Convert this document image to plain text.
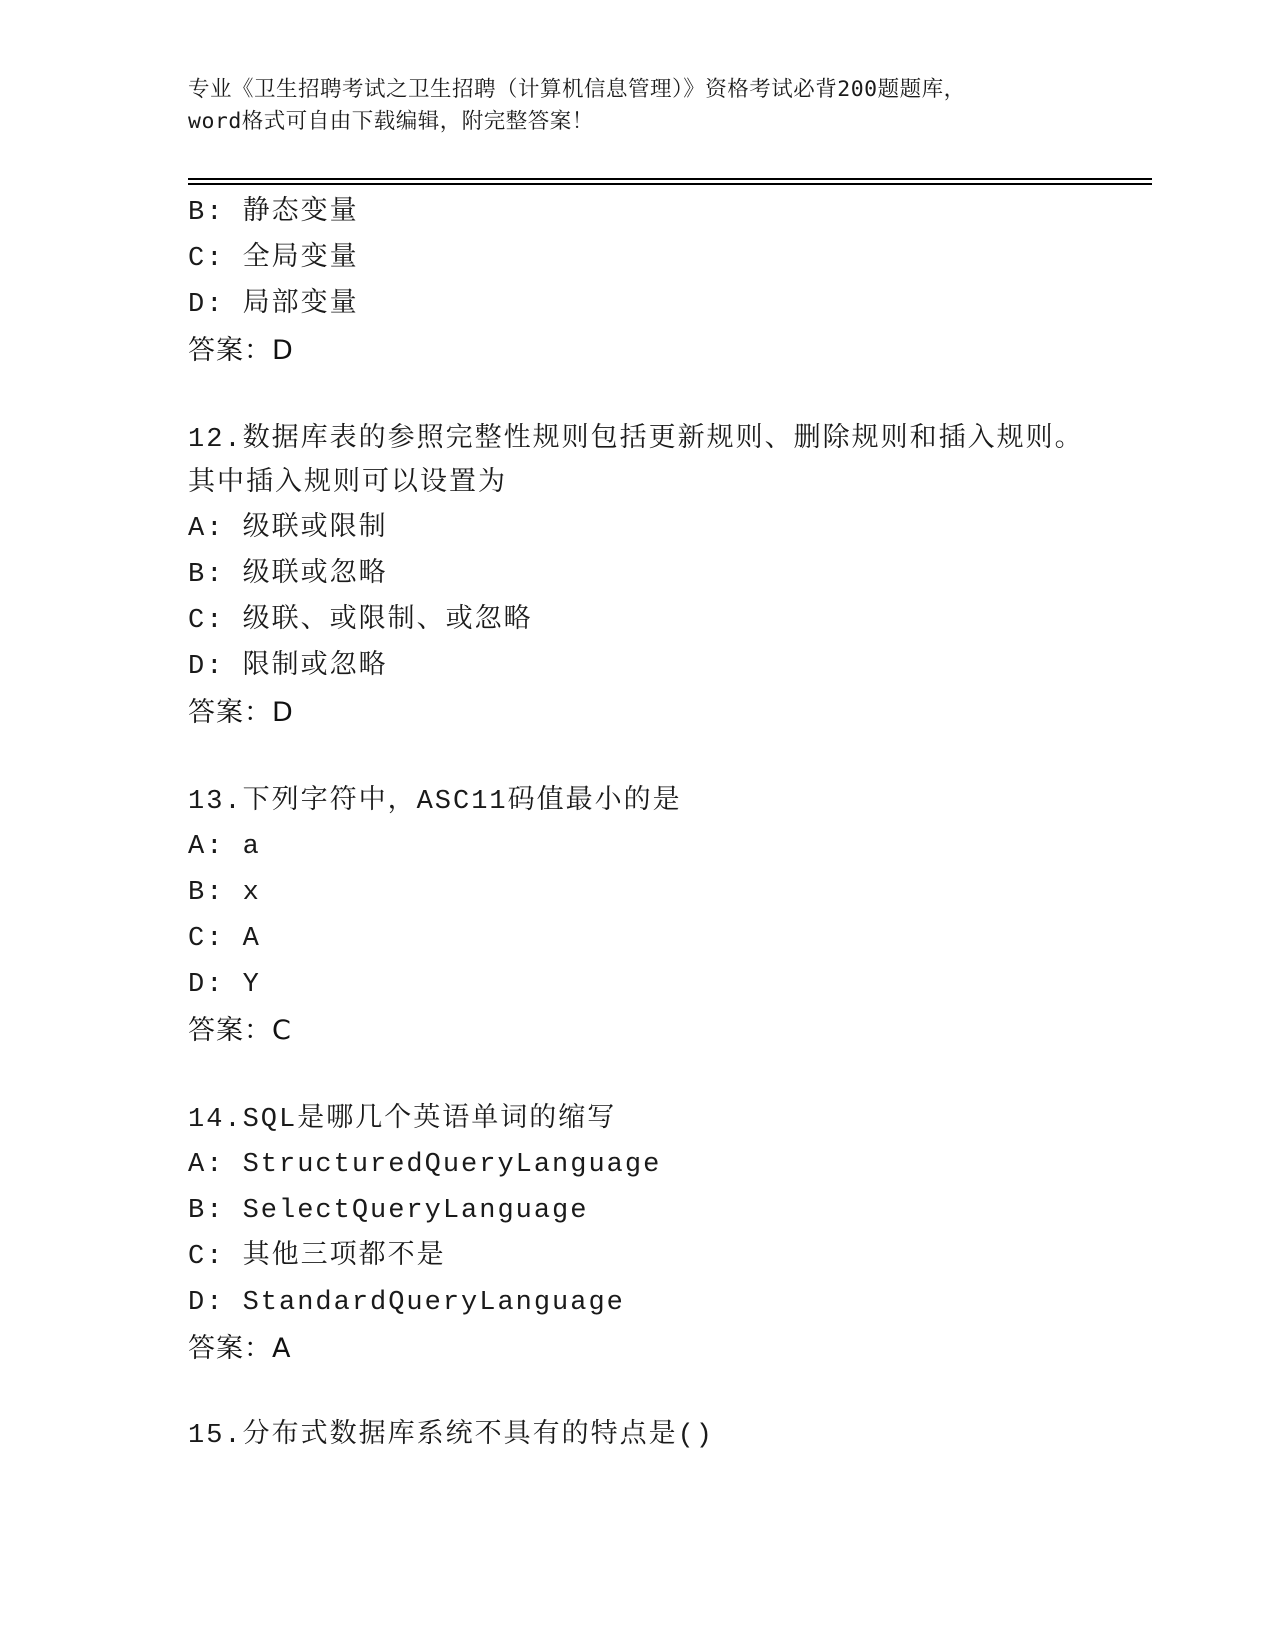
专业《卫生招聘考试之卫生招聘（计算机信息管理）》资格考试必背200题题库，
word格式可自由下载编辑，附完整答案！
B: 静态变量
C: 全局变量
D: 局部变量
答案：D
12.数据库表的参照完整性规则包括更新规则、删除规则和插入规则。
其中插入规则可以设置为
A: 级联或限制
B: 级联或忽略
C: 级联、或限制、或忽略
D: 限制或忽略
答案：D
13.下列字符中，ASC11码值最小的是
A: a
B: x
C: A
D: Y
答案：C
14.SQL是哪几个英语单词的缩写
A: StructuredQueryLanguage
B: SelectQueryLanguage
C: 其他三项都不是
D: StandardQueryLanguage
答案：A
15.分布式数据库系统不具有的特点是()
